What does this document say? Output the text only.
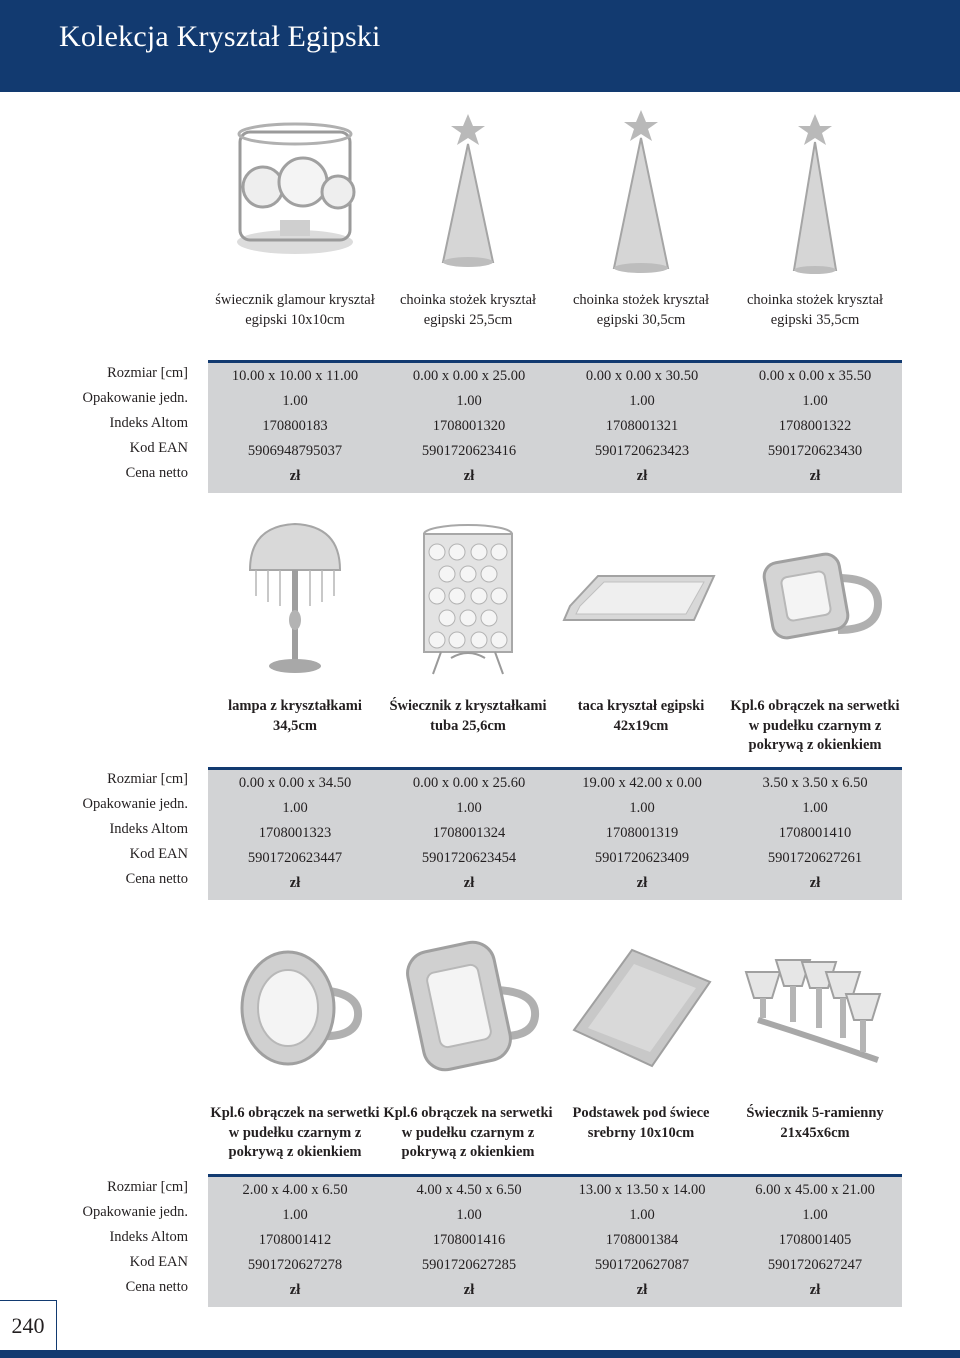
Kolekcja Kryształ Egipski
świecznik glamour kryształ
egipski 10x10cm
choinka stożek kryształ
egipski 25,5cm
choinka stożek kryształ
egipski 30,5cm
choinka stożek kryształ
egipski 35,5cm
Rozmiar [cm]
Opakowanie jedn.
Indeks Altom
Kod EAN
Cena netto
10.00 x 10.00 x 11.00
1.00
170800183
5906948795037
zł
0.00 x 0.00 x 25.00
1.00
1708001320
5901720623416
zł
0.00 x 0.00 x 30.50
1.00
1708001321
5901720623423
zł
0.00 x 0.00 x 35.50
1.00
1708001322
5901720623430
zł
lampa z kryształkami
34,5cm
Świecznik z kryształkami
tuba 25,6cm
taca kryształ egipski
42x19cm
Kpl.6 obrączek na serwetki
w pudełku czarnym z
pokrywą z okienkiem
Rozmiar [cm]
Opakowanie jedn.
Indeks Altom
Kod EAN
Cena netto
0.00 x 0.00 x 34.50
1.00
1708001323
5901720623447
zł
0.00 x 0.00 x 25.60
1.00
1708001324
5901720623454
zł
19.00 x 42.00 x 0.00
1.00
1708001319
5901720623409
zł
3.50 x 3.50 x 6.50
1.00
1708001410
5901720627261
zł
Kpl.6 obrączek na serwetki
w pudełku czarnym z
pokrywą z okienkiem
Kpl.6 obrączek na serwetki
w pudełku czarnym z
pokrywą z okienkiem
Podstawek pod świece
srebrny 10x10cm
Świecznik 5-ramienny
21x45x6cm
Rozmiar [cm]
Opakowanie jedn.
Indeks Altom
Kod EAN
Cena netto
2.00 x 4.00 x 6.50
1.00
1708001412
5901720627278
zł
4.00 x 4.50 x 6.50
1.00
1708001416
5901720627285
zł
13.00 x 13.50 x 14.00
1.00
1708001384
5901720627087
zł
6.00 x 45.00 x 21.00
1.00
1708001405
5901720627247
zł
240
